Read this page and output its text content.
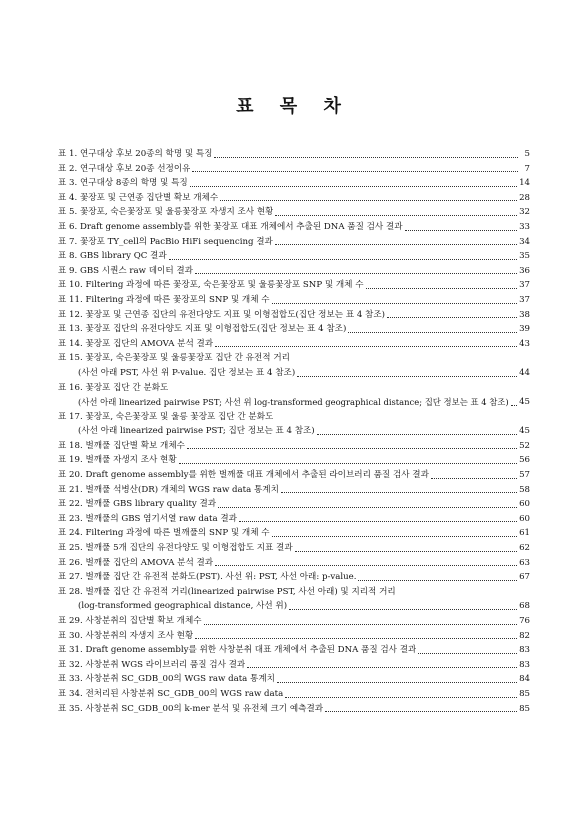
표 목 차
표 1. 연구대상 후보 20종의 학명 및 특징	5
표 2. 연구대상 후보 20종 선정이유	7
표 3. 연구대상 8종의 학명 및 특징	14
표 4. 꽃장포 및 근연종 집단별 확보 개체수	28
표 5. 꽃장포, 숙은꽃장포 및 울릉꽃장포 자생지 조사 현황	32
표 6. Draft genome assembly를 위한 꽃장포 대표 개체에서 추출된 DNA 품질 검사 결과	33
표 7. 꽃장포 TY_cell의 PacBio HiFi sequencing 결과	34
표 8. GBS library QC 결과	35
표 9. GBS 시퀀스 raw 데이터 결과	36
표 10. Filtering 과정에 따른 꽃장포, 숙은꽃장포 및 울릉꽃장포 SNP 및 개체 수	37
표 11. Filtering 과정에 따른 꽃장포의 SNP 및 개체 수	37
표 12. 꽃장포 및 근연종 집단의 유전다양도 지표 및 이형접합도(집단 정보는 표 4 참조)	38
표 13. 꽃장포 집단의 유전다양도 지표 및 이형접합도(집단 정보는 표 4 참조)	39
표 14. 꽃장포 집단의 AMOVA 분석 결과	43
표 15. 꽃장포, 숙은꽃장포 및 울릉꽃장포 집단 간 유전적 거리
(사선 아래 PST, 사선 위 P-value. 집단 정보는 표 4 참조)	44
표 16. 꽃장포 집단 간 분화도
(사선 아래 linearized pairwise PST; 사선 위 log-transformed geographical distance; 집단 정보는 표 4 참조) 45
표 17. 꽃장포, 숙은꽃장포 및 울릉 꽃장포 집단 간 분화도
(사선 아래 linearized pairwise PST; 집단 정보는 표 4 참조)	45
표 18. 벌깨풀 집단별 확보 개체수	52
표 19. 벌깨풀 자생지 조사 현황	56
표 20. Draft genome assembly를 위한 벌깨풀 대표 개체에서 추출된 라이브러리 품질 검사 결과	57
표 21. 벌깨풀 석병산(DR) 개체의 WGS raw data 통계치	58
표 22. 벌깨풀 GBS library quality 결과	60
표 23. 벌깨풀의 GBS 염기서열 raw data 결과	60
표 24. Filtering 과정에 따른 벌깨풀의 SNP 및 개체 수	61
표 25. 벌깨풀 5개 집단의 유전다양도 및 이형접합도 지표 결과	62
표 26. 벌깨풀 집단의 AMOVA 분석 결과	63
표 27. 벌깨풀 집단 간 유전적 분화도(PST). 사선 위: PST, 사선 아래: p-value.	67
표 28. 벌깨풀 집단 간 유전적 거리(linearized pairwise PST, 사선 아래) 및 지리적 거리
(log-transformed geographical distance, 사선 위)	68
표 29. 사창분취의 집단별 확보 개체수	76
표 30. 사창분취의 자생지 조사 현황	82
표 31. Draft genome assembly를 위한 사창분취 대표 개체에서 추출된 DNA 품질 검사 결과	83
표 32. 사창분취 WGS 라이브러리 품질 검사 결과	83
표 33. 사창분취 SC_GDB_00의 WGS raw data 통계치	84
표 34. 전처리된 사창분취 SC_GDB_00의 WGS raw data	85
표 35. 사창분취 SC_GDB_00의 k-mer 분석 및 유전체 크기 예측결과	85
